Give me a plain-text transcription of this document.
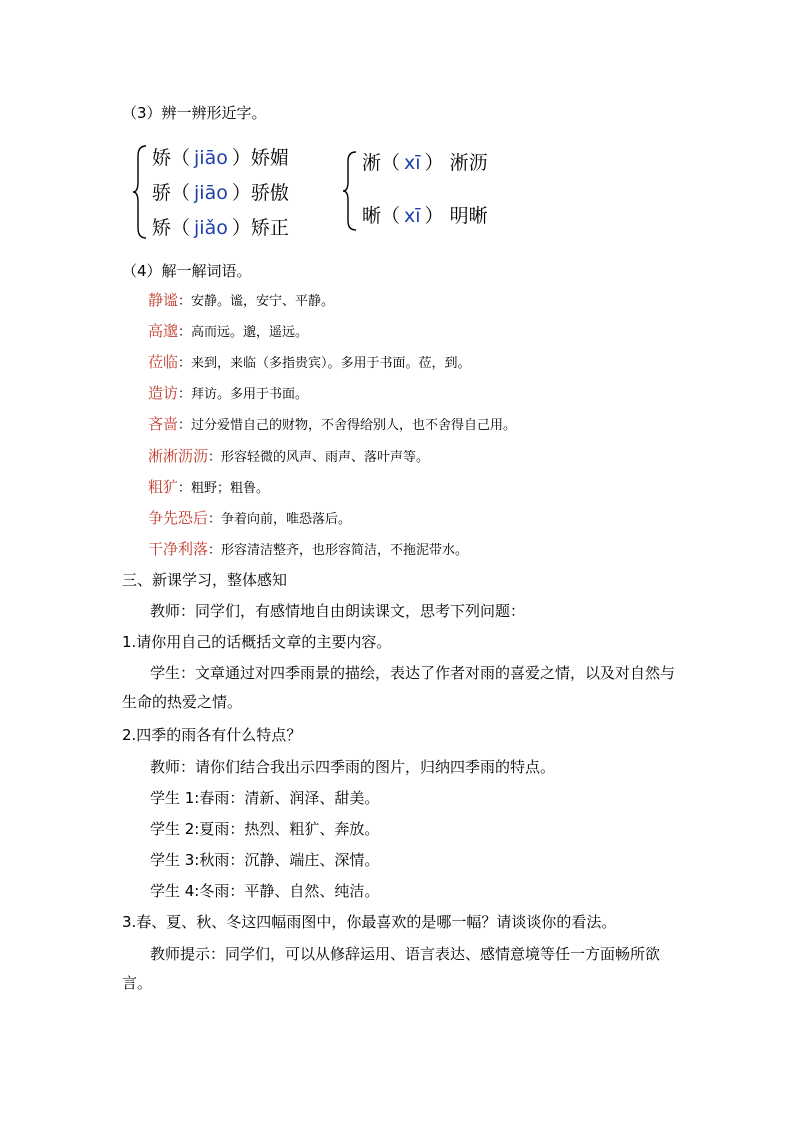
（3）辨一辨形近字。
娇（ jiāo ）娇媚
骄（ jiāo ）骄傲
矫（ jiǎo ）矫正
淅（ xī ） 淅沥
晰（ xī ） 明晰
（4）解一解词语。
静谧：安静。谧，安宁、平静。
高邈：高而远。邈，遥远。
莅临：来到，来临（多指贵宾）。多用于书面。莅，到。
造访：拜访。多用于书面。
吝啬：过分爱惜自己的财物，不舍得给别人，也不舍得自己用。
淅淅沥沥：形容轻微的风声、雨声、落叶声等。
粗犷：粗野；粗鲁。
争先恐后：争着向前，唯恐落后。
干净利落：形容清洁整齐，也形容简洁，不拖泥带水。
三、新课学习，整体感知
教师：同学们，有感情地自由朗读课文，思考下列问题：
1.请你用自己的话概括文章的主要内容。
学生：文章通过对四季雨景的描绘，表达了作者对雨的喜爱之情，以及对自然与生命的热爱之情。
2.四季的雨各有什么特点？
教师：请你们结合我出示四季雨的图片，归纳四季雨的特点。
学生 1:春雨：清新、润泽、甜美。
学生 2:夏雨：热烈、粗犷、奔放。
学生 3:秋雨：沉静、端庄、深情。
学生 4:冬雨：平静、自然、纯洁。
3.春、夏、秋、冬这四幅雨图中，你最喜欢的是哪一幅？请谈谈你的看法。
教师提示：同学们，可以从修辞运用、语言表达、感情意境等任一方面畅所欲言。
